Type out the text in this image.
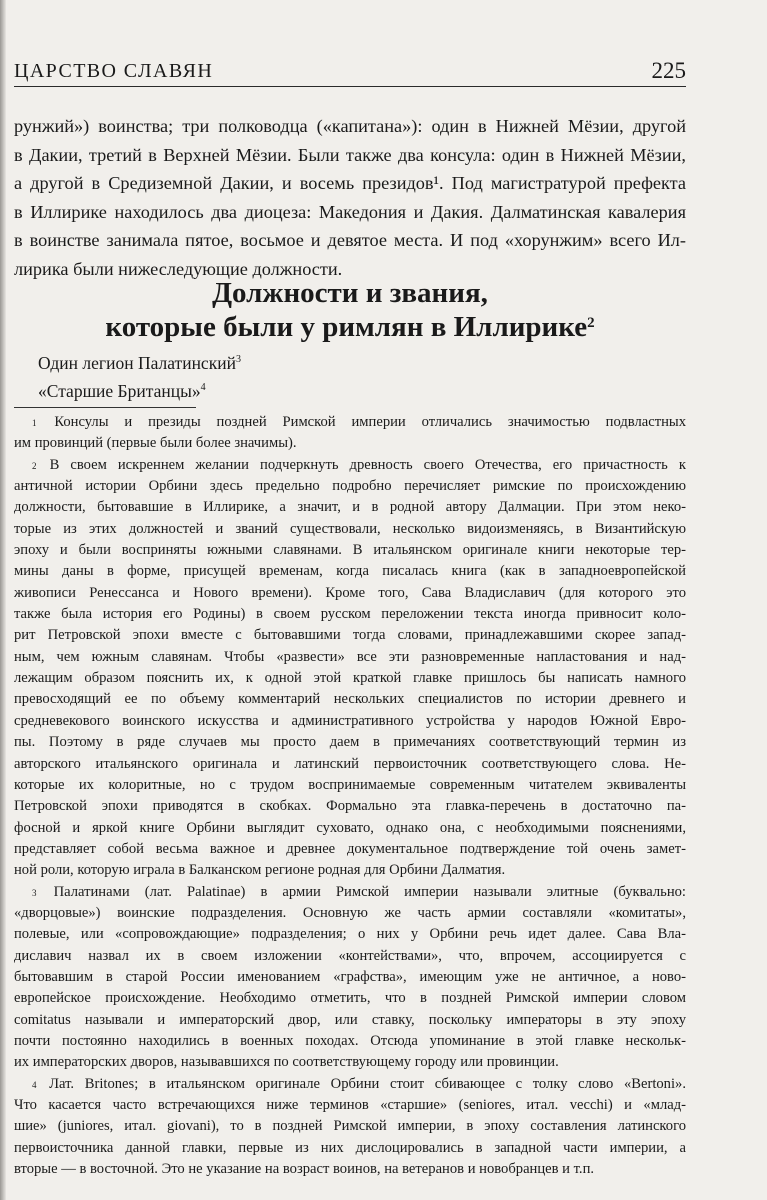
ЦАРСТВО СЛАВЯН	225
рунжий») воинства; три полководца («капитана»): один в Нижней Мёзии, другой
в Дакии, третий в Верхней Мёзии. Были также два консула: один в Нижней Мёзии,
а другой в Средиземной Дакии, и восемь президов¹. Под магистратурой префекта
в Иллирике находилось два диоцеза: Македония и Дакия. Далматинская кавалерия
в воинстве занимала пятое, восьмое и девятое места. И под «хорунжим» всего Ил-
лирика были нижеследующие должности.
Должности и звания,
которые были у римлян в Иллирике$^2$
Один легион Палатинский$^3$
«Старшие Британцы»$^4$
$^1$ Консулы и президы поздней Римской империи отличались значимостью подвластных
им провинций (первые были более значимы).
$^2$ В своем искреннем желании подчеркнуть древность своего Отечества, его причастность к
античной истории Орбини здесь предельно подробно перечисляет римские по происхождению
должности, бытовавшие в Иллирике, а значит, и в родной автору Далмации. При этом неко-
торые из этих должностей и званий существовали, несколько видоизменяясь, в Византийскую
эпоху и были восприняты южными славянами. В итальянском оригинале книги некоторые тер-
мины даны в форме, присущей временам, когда писалась книга (как в западноевропейской
живописи Ренессанса и Нового времени). Кроме того, Сава Владиславич (для которого это
также была история его Родины) в своем русском переложении текста иногда привносит коло-
рит Петровской эпохи вместе с бытовавшими тогда словами, принадлежавшими скорее запад-
ным, чем южным славянам. Чтобы «развести» все эти разновременные напластования и над-
лежащим образом пояснить их, к одной этой краткой главке пришлось бы написать намного
превосходящий ее по объему комментарий нескольких специалистов по истории древнего и
средневекового воинского искусства и административного устройства у народов Южной Евро-
пы. Поэтому в ряде случаев мы просто даем в примечаниях соответствующий термин из
авторского итальянского оригинала и латинский первоисточник соответствующего слова. Не-
которые их колоритные, но с трудом воспринимаемые современным читателем эквиваленты
Петровской эпохи приводятся в скобках. Формально эта главка-перечень в достаточно па-
фосной и яркой книге Орбини выглядит суховато, однако она, с необходимыми пояснениями,
представляет собой весьма важное и древнее документальное подтверждение той очень замет-
ной роли, которую играла в Балканском регионе родная для Орбини Далматия.
$^3$ Палатинами (лат. Palatinae) в армии Римской империи называли элитные (буквально:
«дворцовые») воинские подразделения. Основную же часть армии составляли «комитаты»,
полевые, или «сопровождающие» подразделения; о них у Орбини речь идет далее. Сава Вла-
диславич назвал их в своем изложении «контействами», что, впрочем, ассоциируется с
бытовавшим в старой России именованием «графства», имеющим уже не античное, а ново-
европейское происхождение. Необходимо отметить, что в поздней Римской империи словом
comitatus называли и императорский двор, или ставку, поскольку императоры в эту эпоху
почти постоянно находились в военных походах. Отсюда упоминание в этой главке нескольк-
их императорских дворов, называвшихся по соответствующему городу или провинции.
$^4$ Лат. Britones; в итальянском оригинале Орбини стоит сбивающее с толку слово «Bertoni».
Что касается часто встречающихся ниже терминов «старшие» (seniores, итал. vecchi) и «млад-
шие» (juniores, итал. giovani), то в поздней Римской империи, в эпоху составления латинского
первоисточника данной главки, первые из них дислоцировались в западной части империи, а
вторые — в восточной. Это не указание на возраст воинов, на ветеранов и новобранцев и т.п.
